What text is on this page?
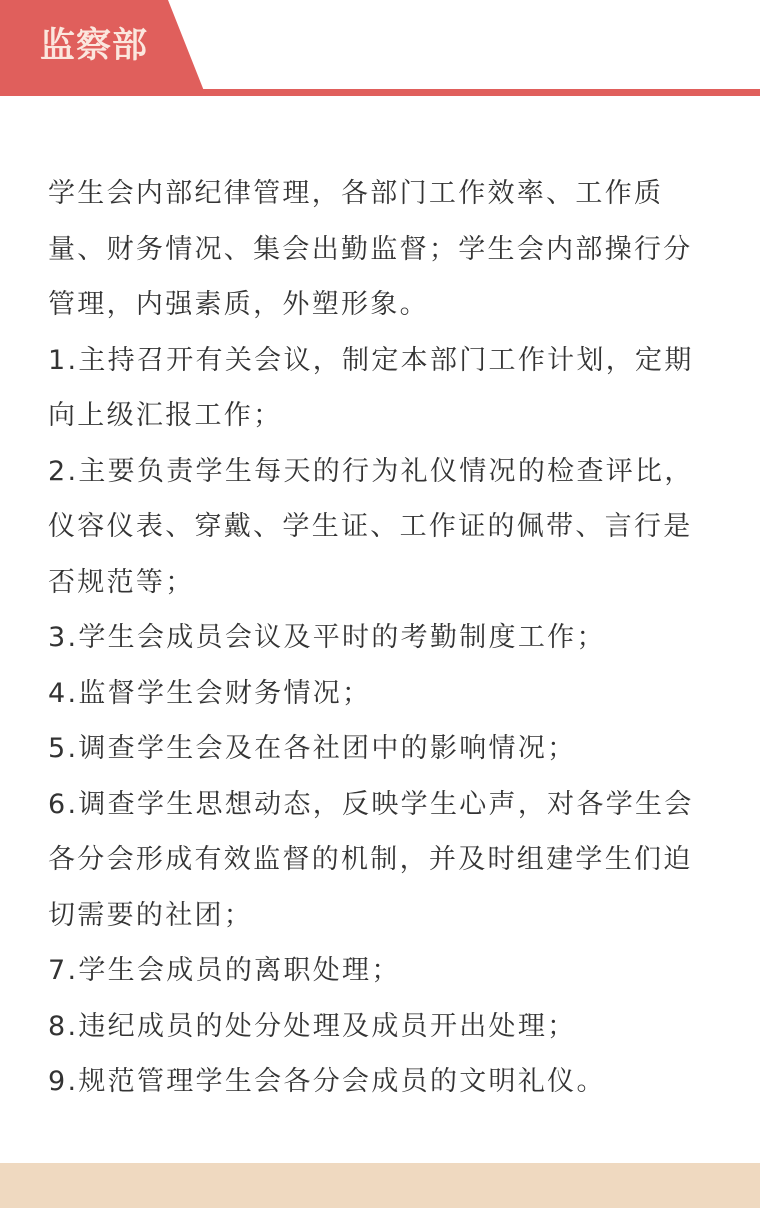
监察部

学生会内部纪律管理，各部门工作效率、工作质量、财务情况、集会出勤监督；学生会内部操行分管理，内强素质，外塑形象。

1.主持召开有关会议，制定本部门工作计划，定期向上级汇报工作；

2.主要负责学生每天的行为礼仪情况的检查评比，仪容仪表、穿戴、学生证、工作证的佩带、言行是否规范等；

3.学生会成员会议及平时的考勤制度工作；

4.监督学生会财务情况；

5.调查学生会及在各社团中的影响情况；

6.调查学生思想动态，反映学生心声，对各学生会各分会形成有效监督的机制，并及时组建学生们迫切需要的社团；

7.学生会成员的离职处理；

8.违纪成员的处分处理及成员开出处理；

9.规范管理学生会各分会成员的文明礼仪。
